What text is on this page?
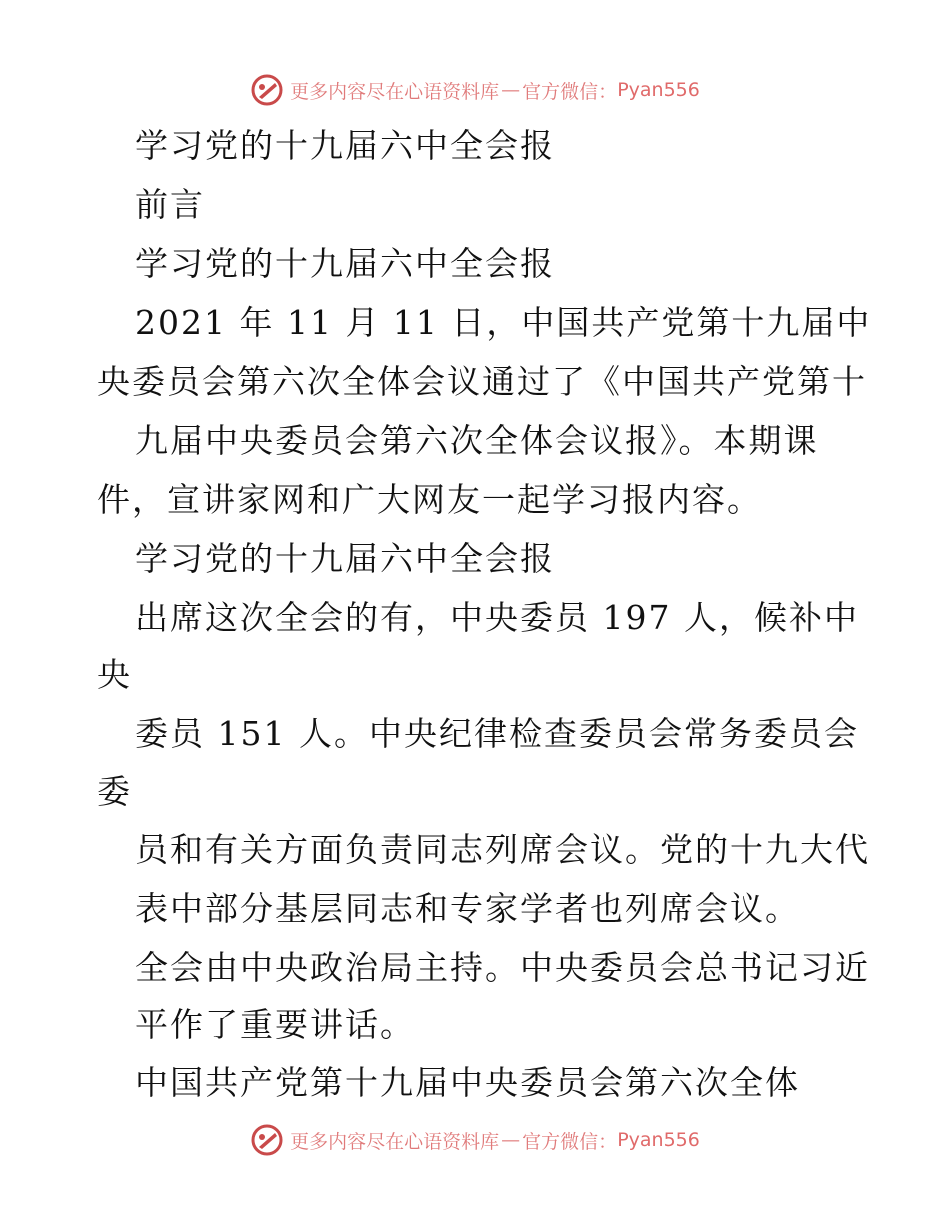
更多内容尽在心语资料库 — 官方微信： Pyan556
学习党的十九届六中全会报
前言
学习党的十九届六中全会报
2021 年 11 月 11 日，中国共产党第十九届中
央委员会第六次全体会议通过了《中国共产党第十
九届中央委员会第六次全体会议报》。本期课
件，宣讲家网和广大网友一起学习报内容。
学习党的十九届六中全会报
出席这次全会的有，中央委员 197 人，候补中
央
委员 151 人。中央纪律检查委员会常务委员会
委
员和有关方面负责同志列席会议。党的十九大代
表中部分基层同志和专家学者也列席会议。
全会由中央政治局主持。中央委员会总书记习近
平作了重要讲话。
中国共产党第十九届中央委员会第六次全体
更多内容尽在心语资料库 — 官方微信： Pyan556
